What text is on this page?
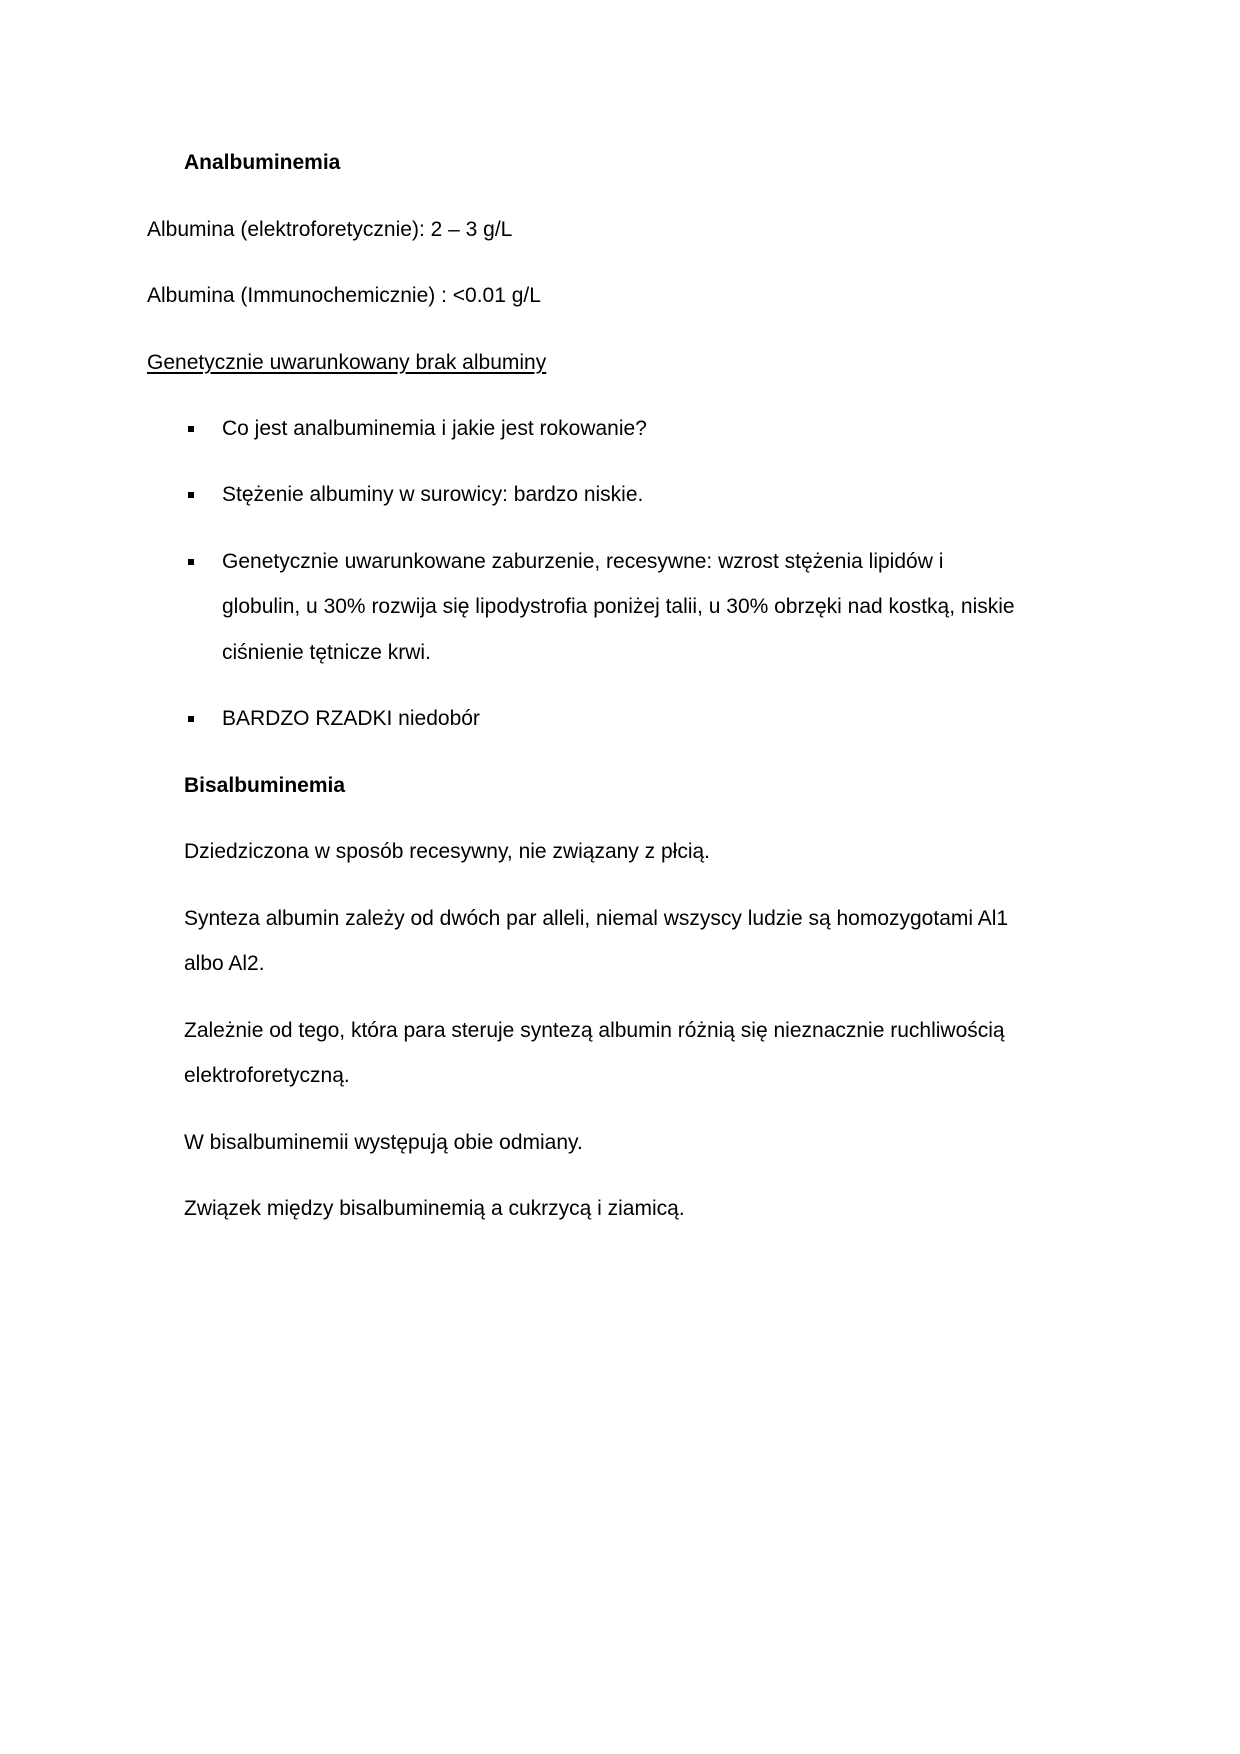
Analbuminemia

Albumina (elektroforetycznie): 2 – 3 g/L

Albumina (Immunochemicznie) : <0.01 g/L

Genetycznie uwarunkowany brak albuminy

Co jest analbuminemia i jakie jest rokowanie?

Stężenie albuminy w surowicy: bardzo niskie.

Genetycznie uwarunkowane zaburzenie, recesywne: wzrost stężenia lipidów i

globulin, u 30% rozwija się lipodystrofia poniżej talii, u 30% obrzęki nad kostką, niskie

ciśnienie tętnicze krwi.

BARDZO RZADKI niedobór

Bisalbuminemia

Dziedziczona w sposób recesywny, nie związany z płcią.

Synteza albumin zależy od dwóch par alleli, niemal wszyscy ludzie są homozygotami Al1

albo Al2.

Zależnie od tego, która para steruje syntezą albumin różnią się nieznacznie ruchliwością

elektroforetyczną.

W bisalbuminemii występują obie odmiany.

Związek między bisalbuminemią a cukrzycą i ziamicą.
